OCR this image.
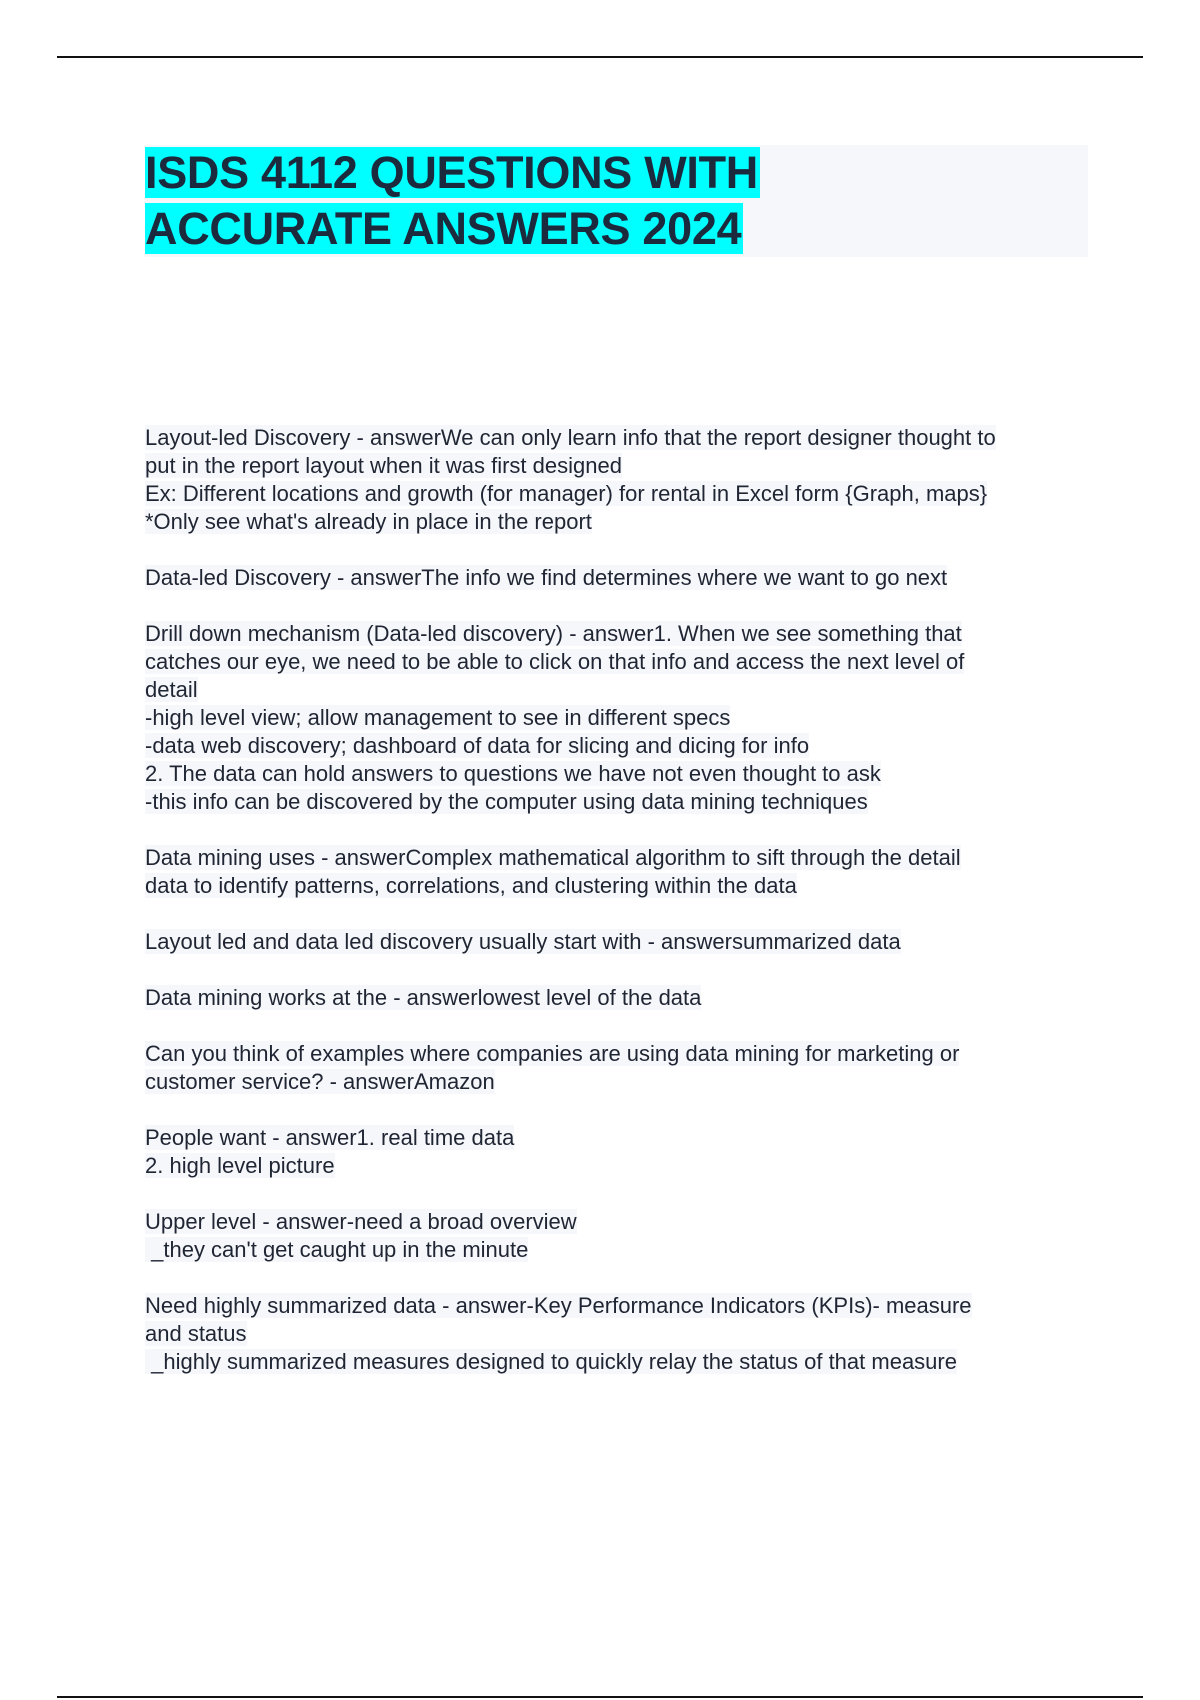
ISDS 4112 QUESTIONS WITH
ACCURATE ANSWERS 2024
Layout-led Discovery - answerWe can only learn info that the report designer thought to
put in the report layout when it was first designed
Ex: Different locations and growth (for manager) for rental in Excel form {Graph, maps}
*Only see what's already in place in the report
Data-led Discovery - answerThe info we find determines where we want to go next
Drill down mechanism (Data-led discovery) - answer1. When we see something that
catches our eye, we need to be able to click on that info and access the next level of
detail
-high level view; allow management to see in different specs
-data web discovery; dashboard of data for slicing and dicing for info
2. The data can hold answers to questions we have not even thought to ask
-this info can be discovered by the computer using data mining techniques
Data mining uses - answerComplex mathematical algorithm to sift through the detail
data to identify patterns, correlations, and clustering within the data
Layout led and data led discovery usually start with - answersummarized data
Data mining works at the - answerlowest level of the data
Can you think of examples where companies are using data mining for marketing or
customer service? - answerAmazon
People want - answer1. real time data
2. high level picture
Upper level - answer-need a broad overview
_they can't get caught up in the minute
Need highly summarized data - answer-Key Performance Indicators (KPIs)- measure
and status
_highly summarized measures designed to quickly relay the status of that measure
